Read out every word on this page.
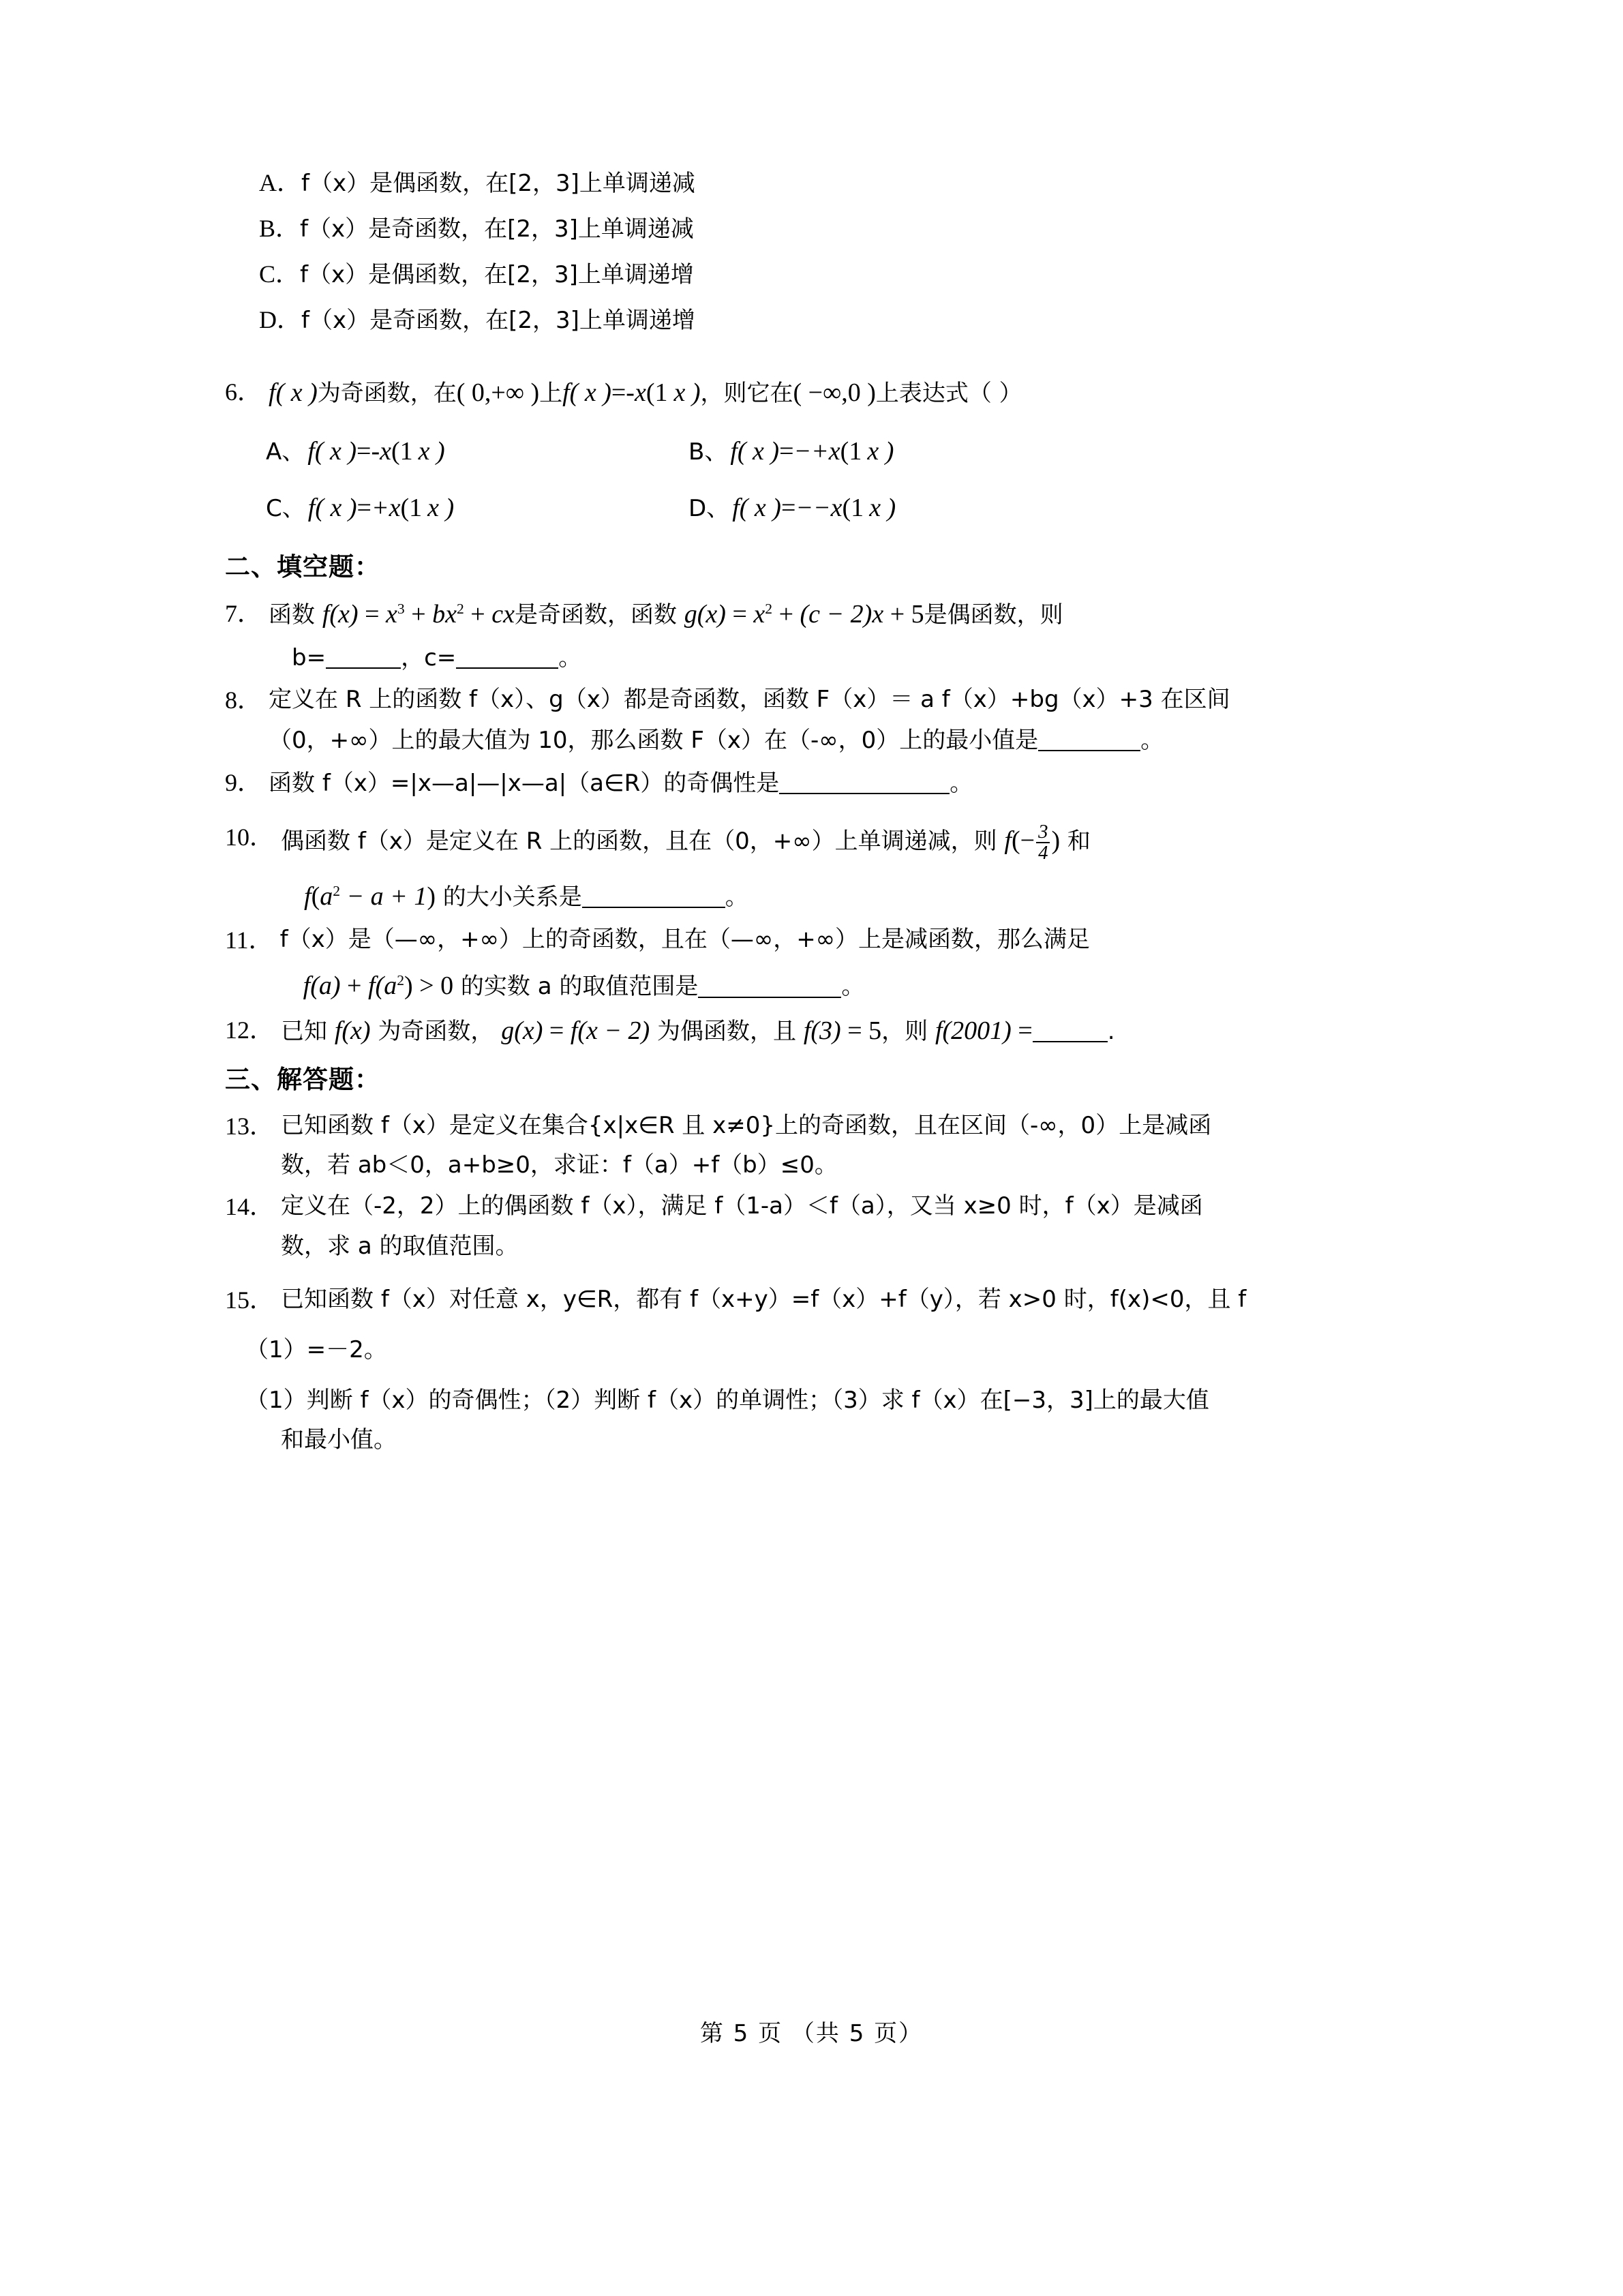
A．f（x）是偶函数，在[2，3]上单调递减
B．f（x）是奇函数，在[2，3]上单调递减
C．f（x）是偶函数，在[2，3]上单调递增
D．f（x）是奇函数，在[2，3]上单调递增
6． f( x )为奇函数，在( 0,+∞ )上f( x )=-x(1 x )，则它在( −∞,0 )上表达式（ ）
A、 f( x )=-x(1 x )	B、 f( x )=−+x(1 x )
C、 f( x )=+x(1 x )	D、 f( x )=−−x(1 x )
二、填空题：
7． 函数 $f(x) = x^3 + bx^2$ + cx是奇函数，函数 $g(x) = x^2 + (c - 2)x + 5$是偶函数，则
b=	，c=	。
8． 定义在 R 上的函数 f（x）、g（x）都是奇函数，函数 F（x）＝ a f（x）+bg（x）+3 在区间
（0，+∞）上的最大值为 10，那么函数 F（x）在（-∞，0）上的最小值是	。
9． 函数 f（x）=|x—a|—|x—a|（a∈R）的奇偶性是	。
10． 偶函数 f（x）是定义在 R 上的函数，且在（0，+∞）上单调递减，则 $f(- \frac{3}{4}$ ) 和
$f(a^2 - a + 1)$ 的大小关系是	。
11． f（x）是（—∞，+∞）上的奇函数，且在（—∞，+∞）上是减函数，那么满足
$f(a) + f(a^2) > 0$ 的实数 a 的取值范围是	。
12． 已知 f(x) 为奇函数， g(x) = f(x − 2) 为偶函数，且 f(3) = 5，则 f(2001) =	.
三、解答题：
13． 已知函数 f（x）是定义在集合{x|x∈R 且 x≠0}上的奇函数，且在区间（-∞，0）上是减函
数，若 ab＜0，a+b≥0，求证：f（a）+f（b）≤0。
14． 定义在（-2，2）上的偶函数 f（x），满足 f（1-a）＜f（a），又当 x≥0 时，f（x）是减函
数，求 a 的取值范围。
15． 已知函数 f（x）对任意 x，y∈R，都有 f（x+y）=f（x）+f（y），若 x>0 时，f(x)<0，且 f
（1）=－2。
（1）判断 f（x）的奇偶性；（2）判断 f（x）的单调性；（3）求 f（x）在[−3，3]上的最大值
和最小值。
第 5 页 （共 5 页）
